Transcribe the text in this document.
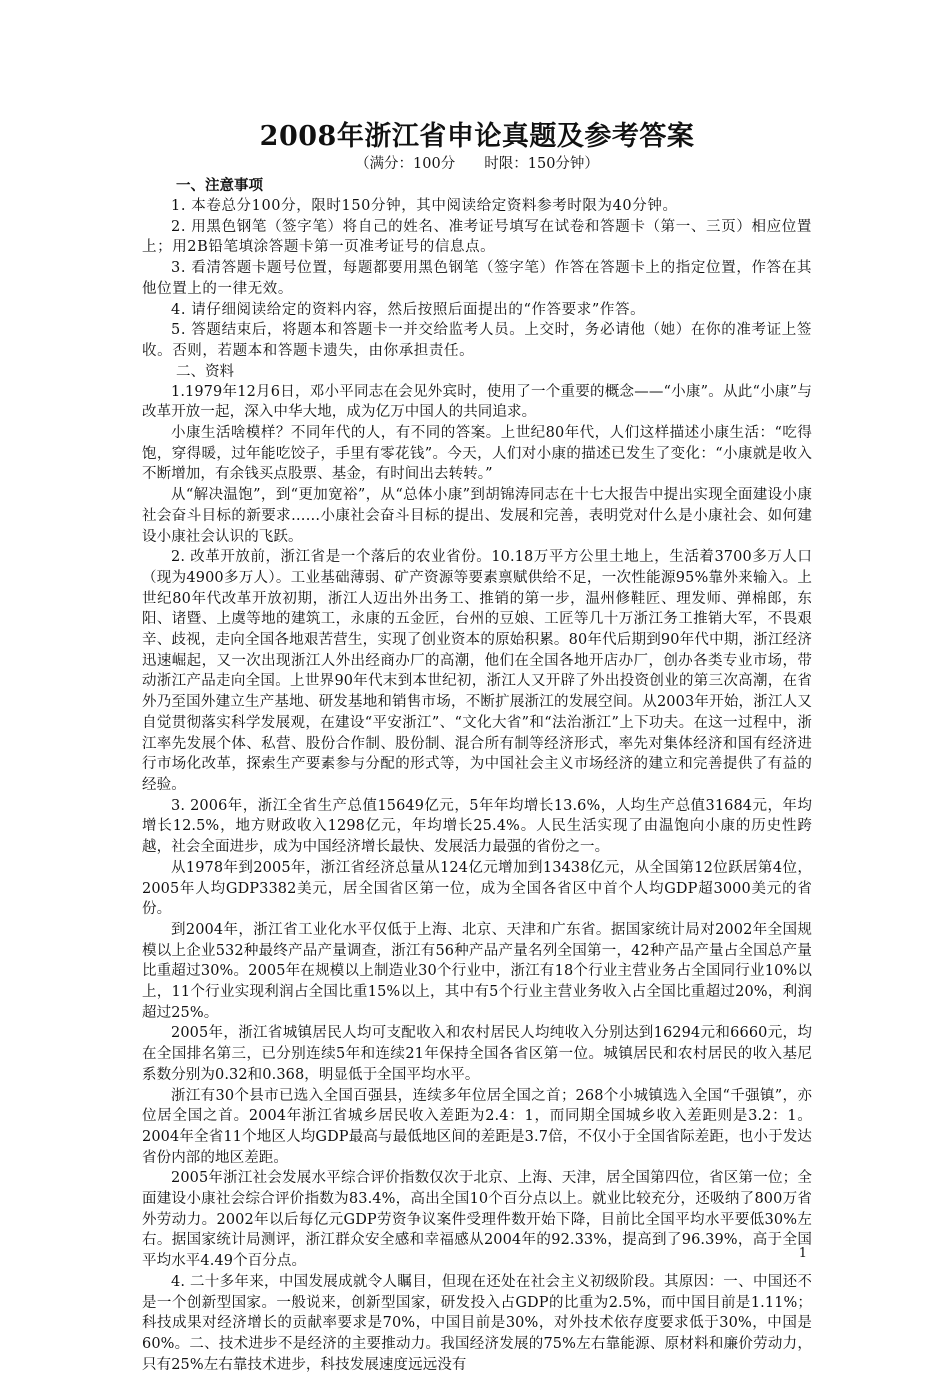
2008年浙江省申论真题及参考答案

（满分：100分　　时限：150分钟）

一、注意事项

1. 本卷总分100分，限时150分钟，其中阅读给定资料参考时限为40分钟。

2. 用黑色钢笔（签字笔）将自己的姓名、准考证号填写在试卷和答题卡（第一、三页）相应位置上；用2B铅笔填涂答题卡第一页准考证号的信息点。

3. 看清答题卡题号位置，每题都要用黑色钢笔（签字笔）作答在答题卡上的指定位置，作答在其他位置上的一律无效。

4. 请仔细阅读给定的资料内容，然后按照后面提出的“作答要求”作答。

5. 答题结束后，将题本和答题卡一并交给监考人员。上交时，务必请他（她）在你的准考证上签收。否则，若题本和答题卡遗失，由你承担责任。

二、资料

1.1979年12月6日，邓小平同志在会见外宾时，使用了一个重要的概念——“小康”。从此“小康”与改革开放一起，深入中华大地，成为亿万中国人的共同追求。

小康生活啥模样？不同年代的人，有不同的答案。上世纪80年代，人们这样描述小康生活：“吃得饱，穿得暖，过年能吃饺子，手里有零花钱”。今天，人们对小康的描述已发生了变化：“小康就是收入不断增加，有余钱买点股票、基金，有时间出去转转。”

从“解决温饱”，到“更加宽裕”，从“总体小康”到胡锦涛同志在十七大报告中提出实现全面建设小康社会奋斗目标的新要求……小康社会奋斗目标的提出、发展和完善，表明党对什么是小康社会、如何建设小康社会认识的飞跃。

2. 改革开放前，浙江省是一个落后的农业省份。10.18万平方公里土地上，生活着3700多万人口（现为4900多万人）。工业基础薄弱、矿产资源等要素禀赋供给不足，一次性能源95%靠外来输入。上世纪80年代改革开放初期，浙江人迈出外出务工、推销的第一步，温州修鞋匠、理发师、弹棉郎，东阳、诸暨、上虞等地的建筑工，永康的五金匠，台州的豆娘、工匠等几十万浙江务工推销大军，不畏艰辛、歧视，走向全国各地艰苦营生，实现了创业资本的原始积累。80年代后期到90年代中期，浙江经济迅速崛起，又一次出现浙江人外出经商办厂的高潮，他们在全国各地开店办厂，创办各类专业市场，带动浙江产品走向全国。上世界90年代末到本世纪初，浙江人又开辟了外出投资创业的第三次高潮，在省外乃至国外建立生产基地、研发基地和销售市场，不断扩展浙江的发展空间。从2003年开始，浙江人又自觉贯彻落实科学发展观，在建设“平安浙江”、“文化大省”和“法治浙江”上下功夫。在这一过程中，浙江率先发展个体、私营、股份合作制、股份制、混合所有制等经济形式，率先对集体经济和国有经济进行市场化改革，探索生产要素参与分配的形式等，为中国社会主义市场经济的建立和完善提供了有益的经验。

3. 2006年，浙江全省生产总值15649亿元，5年年均增长13.6%，人均生产总值31684元，年均增长12.5%，地方财政收入1298亿元，年均增长25.4%。人民生活实现了由温饱向小康的历史性跨越，社会全面进步，成为中国经济增长最快、发展活力最强的省份之一。

从1978年到2005年，浙江省经济总量从124亿元增加到13438亿元，从全国第12位跃居第4位，2005年人均GDP3382美元，居全国省区第一位，成为全国各省区中首个人均GDP超3000美元的省份。

到2004年，浙江省工业化水平仅低于上海、北京、天津和广东省。据国家统计局对2002年全国规模以上企业532种最终产品产量调查，浙江有56种产品产量名列全国第一，42种产品产量占全国总产量比重超过30%。2005年在规模以上制造业30个行业中，浙江有18个行业主营业务占全国同行业10%以上，11个行业实现利润占全国比重15%以上，其中有5个行业主营业务收入占全国比重超过20%，利润超过25%。

2005年，浙江省城镇居民人均可支配收入和农村居民人均纯收入分别达到16294元和6660元，均在全国排名第三，已分别连续5年和连续21年保持全国各省区第一位。城镇居民和农村居民的收入基尼系数分别为0.32和0.368，明显低于全国平均水平。

浙江有30个县市已选入全国百强县，连续多年位居全国之首；268个小城镇选入全国“千强镇”，亦位居全国之首。2004年浙江省城乡居民收入差距为2.4：1，而同期全国城乡收入差距则是3.2：1。2004年全省11个地区人均GDP最高与最低地区间的差距是3.7倍，不仅小于全国省际差距，也小于发达省份内部的地区差距。

2005年浙江社会发展水平综合评价指数仅次于北京、上海、天津，居全国第四位，省区第一位；全面建设小康社会综合评价指数为83.4%，高出全国10个百分点以上。就业比较充分，还吸纳了800万省外劳动力。2002年以后每亿元GDP劳资争议案件受理件数开始下降，目前比全国平均水平要低30%左右。据国家统计局测评，浙江群众安全感和幸福感从2004年的92.33%，提高到了96.39%，高于全国平均水平4.49个百分点。

4. 二十多年来，中国发展成就令人瞩目，但现在还处在社会主义初级阶段。其原因：一、中国还不是一个创新型国家。一般说来，创新型国家，研发投入占GDP的比重为2.5%，而中国目前是1.11%；科技成果对经济增长的贡献率要求是70%，中国目前是30%，对外技术依存度要求低于30%，中国是60%。二、技术进步不是经济的主要推动力。我国经济发展的75%左右靠能源、原材料和廉价劳动力，只有25%左右靠技术进步，科技发展速度远远没有

1
